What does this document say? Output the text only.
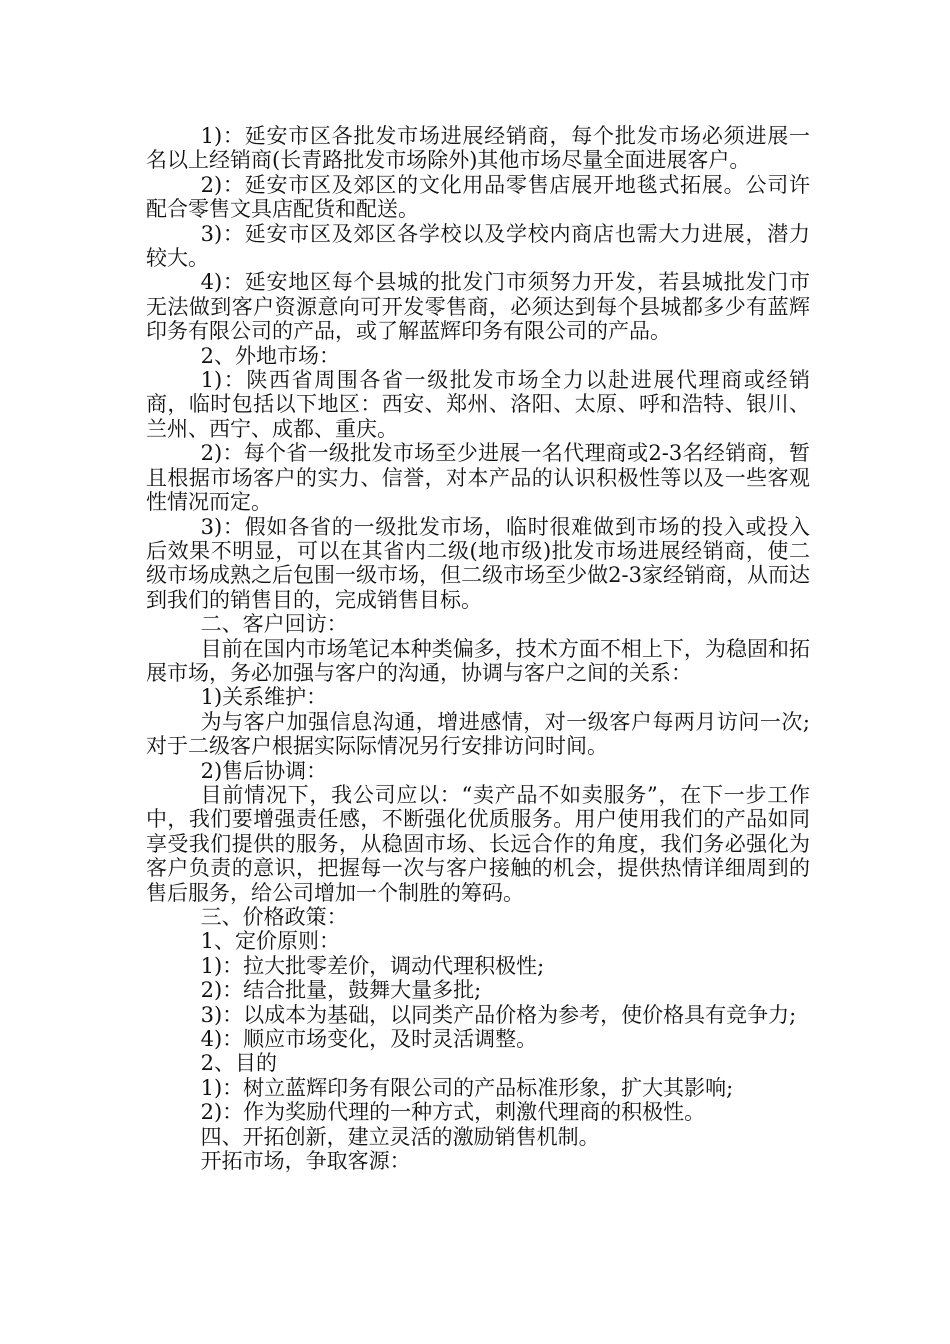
1)：延安市区各批发市场进展经销商，每个批发市场必须进展一名以上经销商(长青路批发市场除外)其他市场尽量全面进展客户。

2)：延安市区及郊区的文化用品零售店展开地毯式拓展。公司许配合零售文具店配货和配送。

3)：延安市区及郊区各学校以及学校内商店也需大力进展，潜力较大。

4)：延安地区每个县城的批发门市须努力开发，若县城批发门市无法做到客户资源意向可开发零售商，必须达到每个县城都多少有蓝辉印务有限公司的产品，或了解蓝辉印务有限公司的产品。

2、外地市场：

1)：陕西省周围各省一级批发市场全力以赴进展代理商或经销商，临时包括以下地区：西安、郑州、洛阳、太原、呼和浩特、银川、兰州、西宁、成都、重庆。

2)：每个省一级批发市场至少进展一名代理商或2-3名经销商，暂且根据市场客户的实力、信誉，对本产品的认识积极性等以及一些客观性情况而定。

3)：假如各省的一级批发市场，临时很难做到市场的投入或投入后效果不明显，可以在其省内二级(地市级)批发市场进展经销商，使二级市场成熟之后包围一级市场，但二级市场至少做2-3家经销商，从而达到我们的销售目的，完成销售目标。

二、客户回访：

目前在国内市场笔记本种类偏多，技术方面不相上下，为稳固和拓展市场，务必加强与客户的沟通，协调与客户之间的关系：

1)关系维护：

为与客户加强信息沟通，增进感情，对一级客户每两月访问一次;对于二级客户根据实际际情况另行安排访问时间。

2)售后协调：

目前情况下，我公司应以：“卖产品不如卖服务”，在下一步工作中，我们要增强责任感，不断强化优质服务。用户使用我们的产品如同享受我们提供的服务，从稳固市场、长远合作的角度，我们务必强化为客户负责的意识，把握每一次与客户接触的机会，提供热情详细周到的售后服务，给公司增加一个制胜的筹码。

三、价格政策：

1、定价原则：

1)：拉大批零差价，调动代理积极性;

2)：结合批量，鼓舞大量多批;

3)：以成本为基础，以同类产品价格为参考，使价格具有竞争力;

4)：顺应市场变化，及时灵活调整。

2、目的

1)：树立蓝辉印务有限公司的产品标准形象，扩大其影响;

2)：作为奖励代理的一种方式，刺激代理商的积极性。

四、开拓创新，建立灵活的激励销售机制。

开拓市场，争取客源：
